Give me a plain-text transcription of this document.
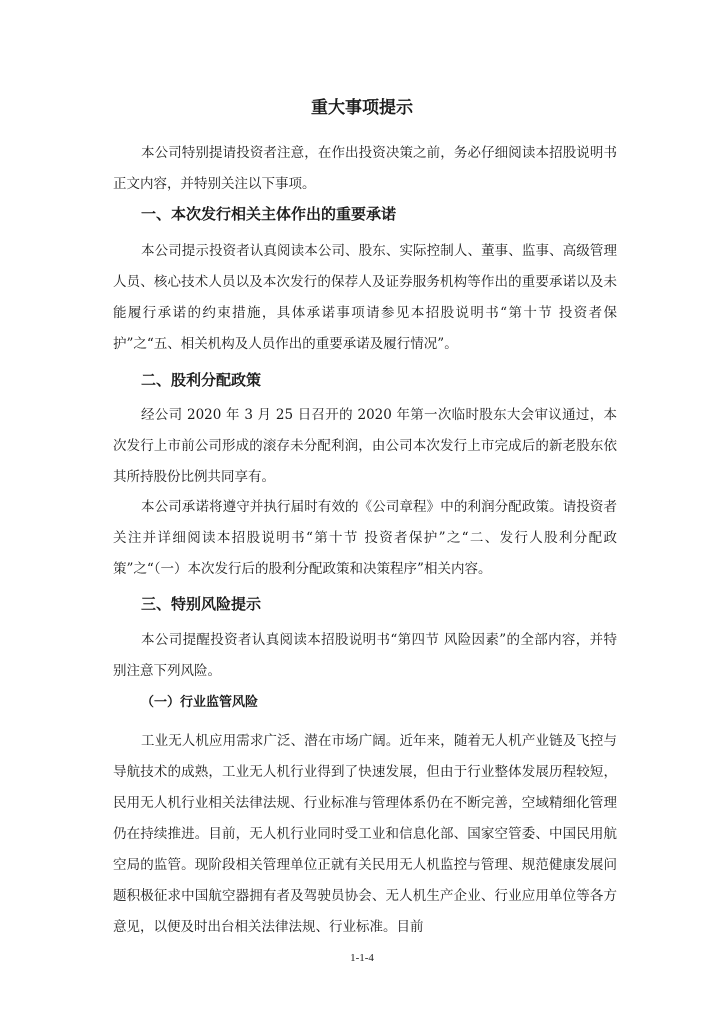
重大事项提示

本公司特别提请投资者注意，在作出投资决策之前，务必仔细阅读本招股说明书正文内容，并特别关注以下事项。

一、本次发行相关主体作出的重要承诺

本公司提示投资者认真阅读本公司、股东、实际控制人、董事、监事、高级管理人员、核心技术人员以及本次发行的保荐人及证券服务机构等作出的重要承诺以及未能履行承诺的约束措施，具体承诺事项请参见本招股说明书“第十节 投资者保护”之“五、相关机构及人员作出的重要承诺及履行情况”。

二、股利分配政策

经公司 2020 年 3 月 25 日召开的 2020 年第一次临时股东大会审议通过，本次发行上市前公司形成的滚存未分配利润，由公司本次发行上市完成后的新老股东依其所持股份比例共同享有。

本公司承诺将遵守并执行届时有效的《公司章程》中的利润分配政策。请投资者关注并详细阅读本招股说明书“第十节 投资者保护”之“二、发行人股利分配政策”之“（一）本次发行后的股利分配政策和决策程序”相关内容。

三、特别风险提示

本公司提醒投资者认真阅读本招股说明书“第四节 风险因素”的全部内容，并特别注意下列风险。

（一）行业监管风险

工业无人机应用需求广泛、潜在市场广阔。近年来，随着无人机产业链及飞控与导航技术的成熟，工业无人机行业得到了快速发展，但由于行业整体发展历程较短，民用无人机行业相关法律法规、行业标准与管理体系仍在不断完善，空域精细化管理仍在持续推进。目前，无人机行业同时受工业和信息化部、国家空管委、中国民用航空局的监管。现阶段相关管理单位正就有关民用无人机监控与管理、规范健康发展问题积极征求中国航空器拥有者及驾驶员协会、无人机生产企业、行业应用单位等各方意见，以便及时出台相关法律法规、行业标准。目前

1-1-4
